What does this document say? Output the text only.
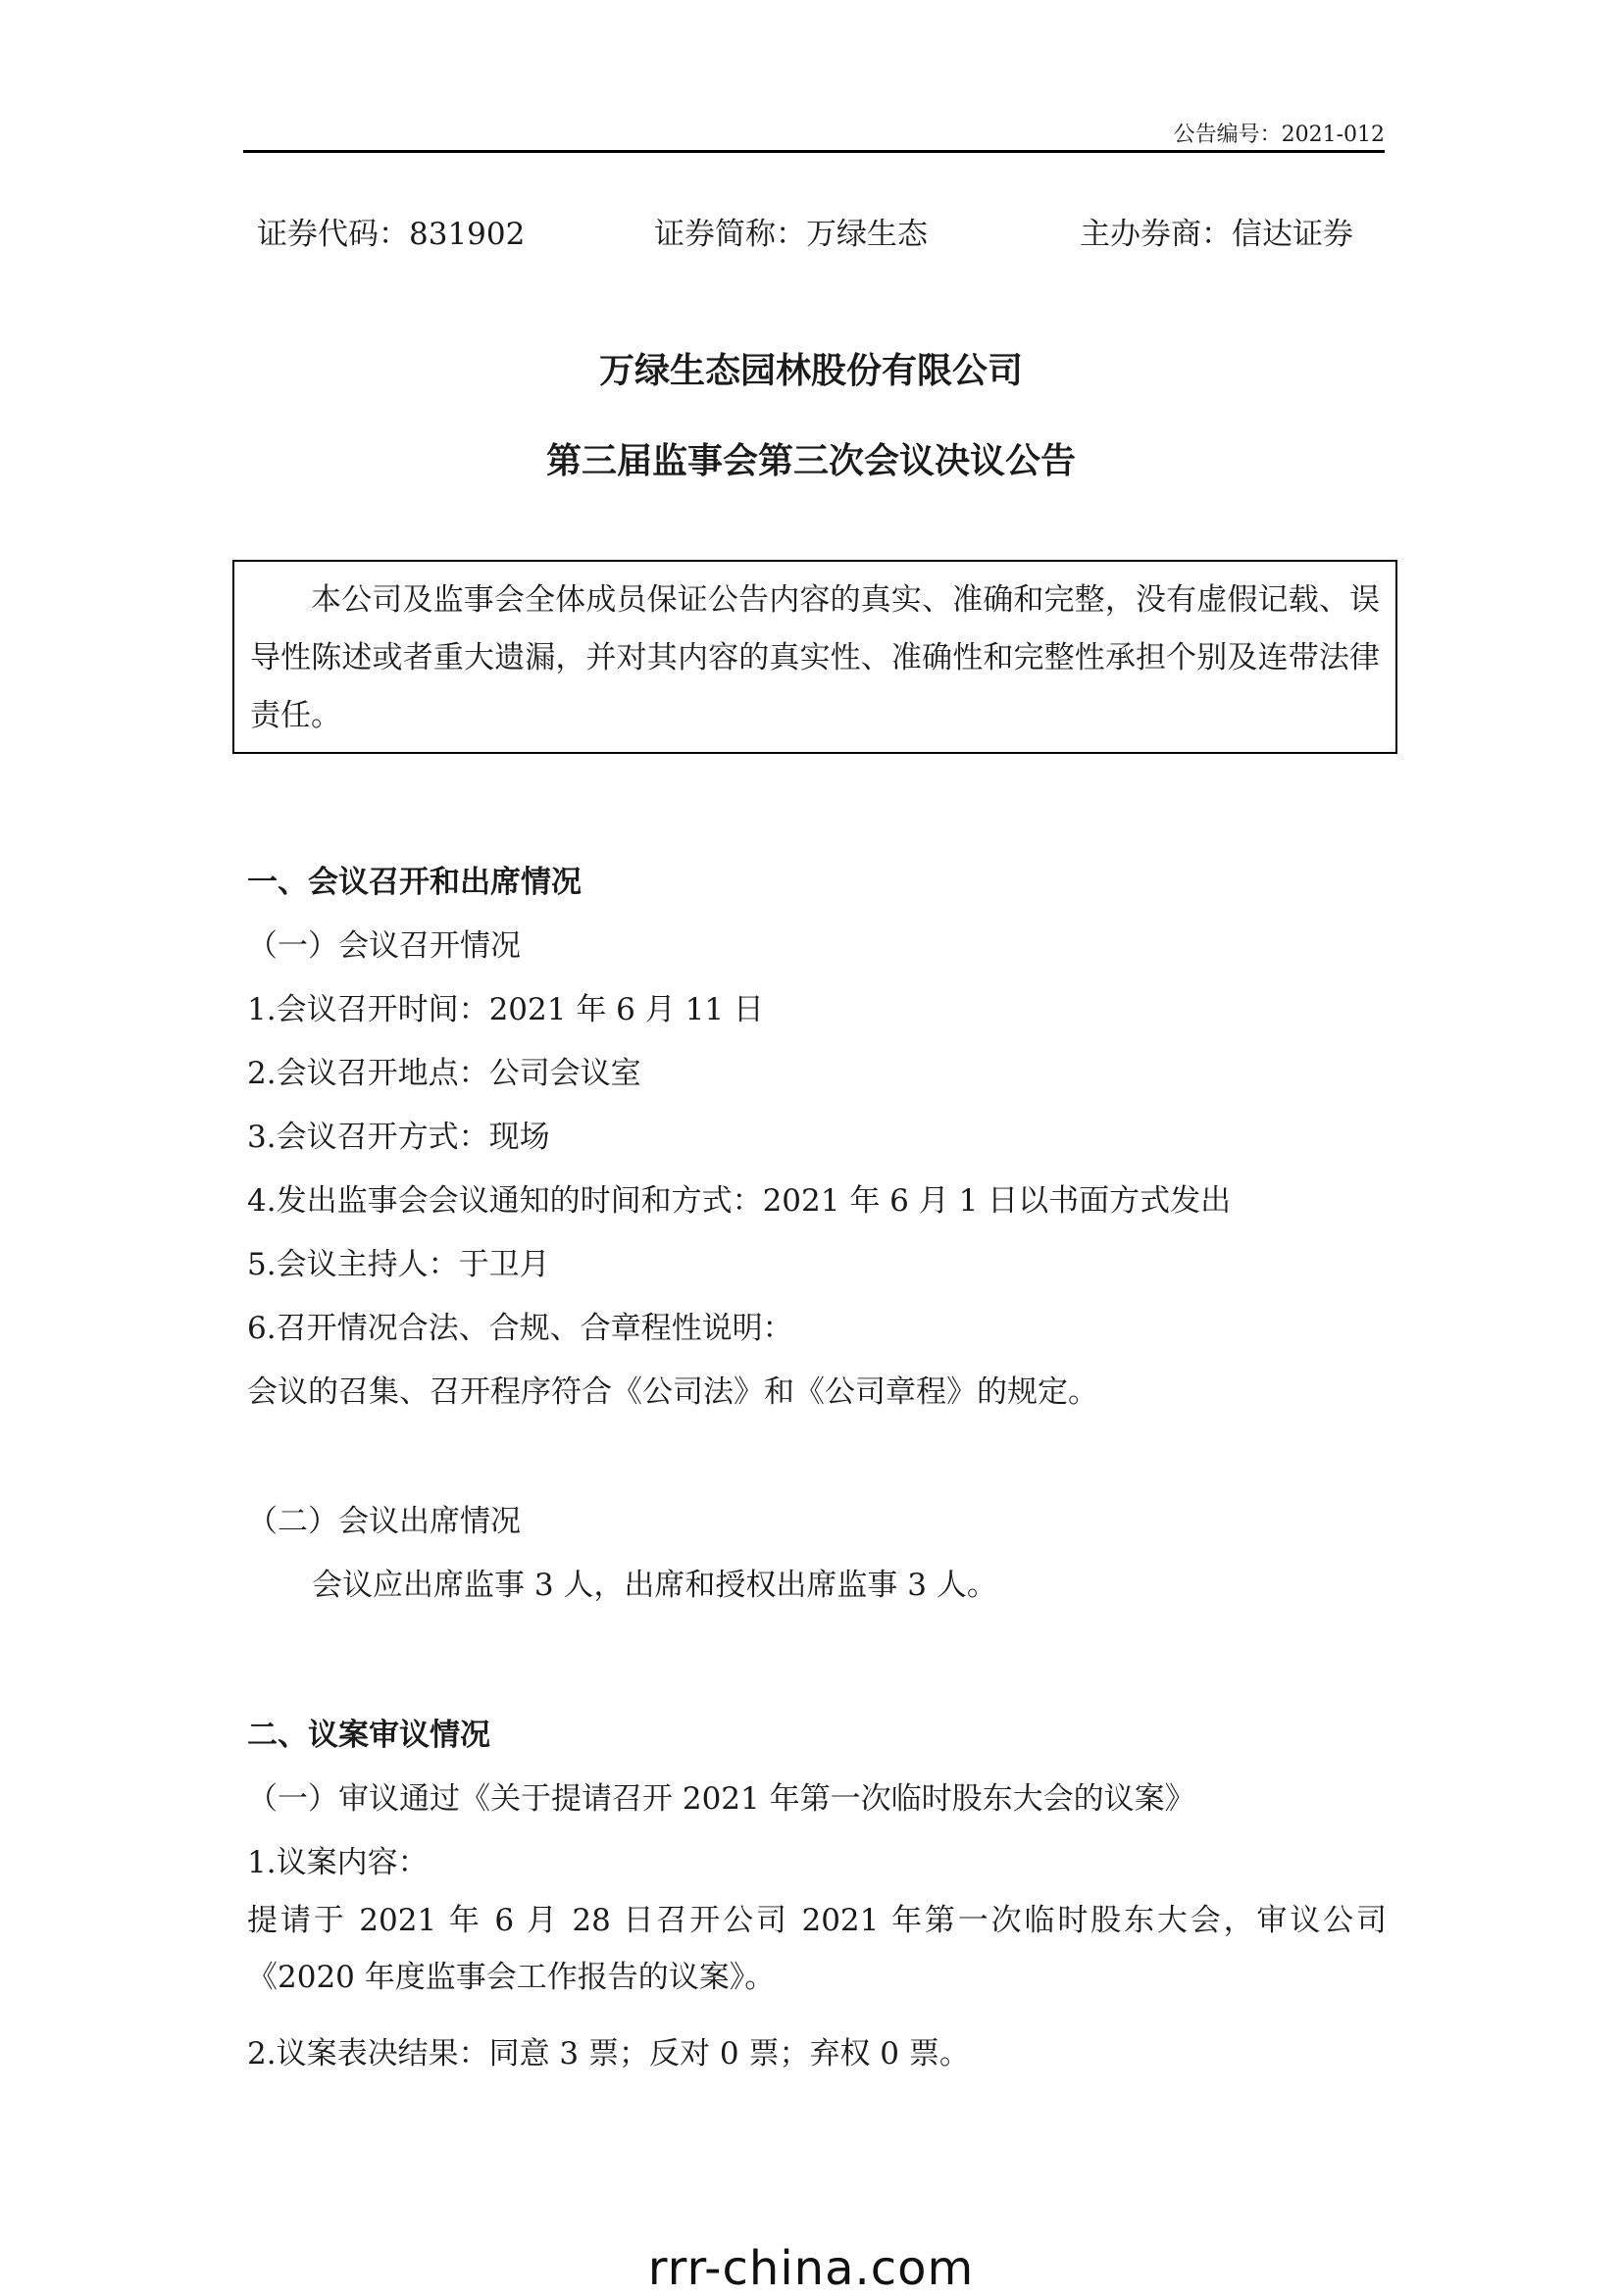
公告编号：2021-012
证券代码：831902	证券简称：万绿生态	主办券商：信达证券
万绿生态园林股份有限公司
第三届监事会第三次会议决议公告
本公司及监事会全体成员保证公告内容的真实、准确和完整，没有虚假记载、误导性陈述或者重大遗漏，并对其内容的真实性、准确性和完整性承担个别及连带法律责任。
一、会议召开和出席情况
（一）会议召开情况
1.会议召开时间：2021 年 6 月 11 日
2.会议召开地点：公司会议室
3.会议召开方式：现场
4.发出监事会会议通知的时间和方式：2021 年 6 月 1 日以书面方式发出
5.会议主持人：于卫月
6.召开情况合法、合规、合章程性说明：
会议的召集、召开程序符合《公司法》和《公司章程》的规定。
（二）会议出席情况
会议应出席监事 3 人，出席和授权出席监事 3 人。
二、议案审议情况
（一）审议通过《关于提请召开 2021 年第一次临时股东大会的议案》
1.议案内容：
提请于 2021 年 6 月 28 日召开公司 2021 年第一次临时股东大会，审议公司《2020 年度监事会工作报告的议案》。
2.议案表决结果：同意 3 票；反对 0 票；弃权 0 票。
rrr-china.com
